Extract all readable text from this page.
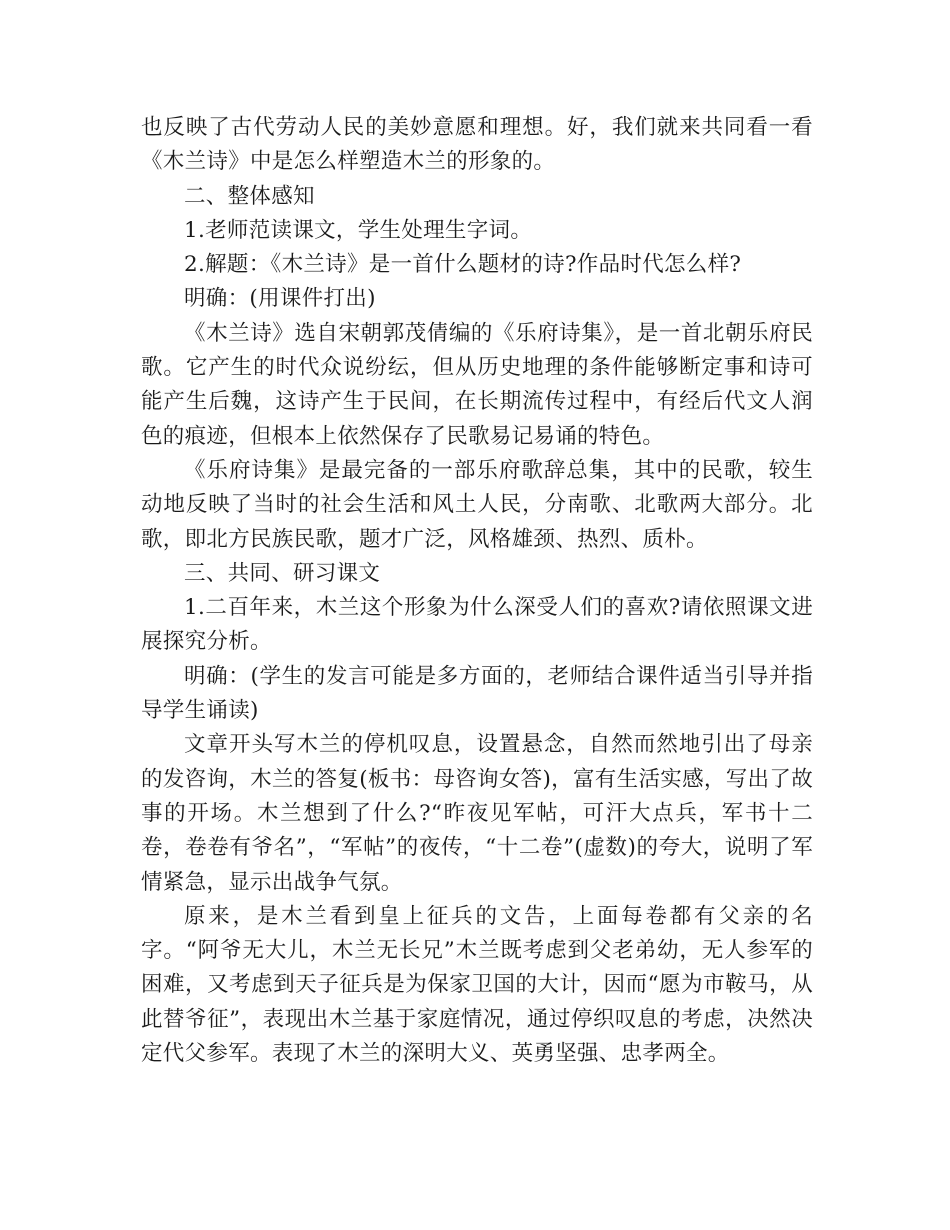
也反映了古代劳动人民的美妙意愿和理想。好，我们就来共同看一看《木兰诗》中是怎么样塑造木兰的形象的。

二、整体感知

1.老师范读课文，学生处理生字词。

2.解题：《木兰诗》是一首什么题材的诗?作品时代怎么样?

明确：(用课件打出)

《木兰诗》选自宋朝郭茂倩编的《乐府诗集》，是一首北朝乐府民歌。它产生的时代众说纷纭，但从历史地理的条件能够断定事和诗可能产生后魏，这诗产生于民间，在长期流传过程中，有经后代文人润色的痕迹，但根本上依然保存了民歌易记易诵的特色。

《乐府诗集》是最完备的一部乐府歌辞总集，其中的民歌，较生动地反映了当时的社会生活和风土人民，分南歌、北歌两大部分。北歌，即北方民族民歌，题才广泛，风格雄颈、热烈、质朴。

三、共同、研习课文

1.二百年来，木兰这个形象为什么深受人们的喜欢?请依照课文进展探究分析。

明确：(学生的发言可能是多方面的，老师结合课件适当引导并指导学生诵读)

文章开头写木兰的停机叹息，设置悬念，自然而然地引出了母亲的发咨询，木兰的答复(板书：母咨询女答)，富有生活实感，写出了故事的开场。木兰想到了什么?“昨夜见军帖，可汗大点兵，军书十二卷，卷卷有爷名”，“军帖”的夜传，“十二卷”(虚数)的夸大，说明了军情紧急，显示出战争气氛。

原来，是木兰看到皇上征兵的文告，上面每卷都有父亲的名字。“阿爷无大儿，木兰无长兄”木兰既考虑到父老弟幼，无人参军的困难，又考虑到天子征兵是为保家卫国的大计，因而“愿为市鞍马，从此替爷征”，表现出木兰基于家庭情况，通过停织叹息的考虑，决然决定代父参军。表现了木兰的深明大义、英勇坚强、忠孝两全。
